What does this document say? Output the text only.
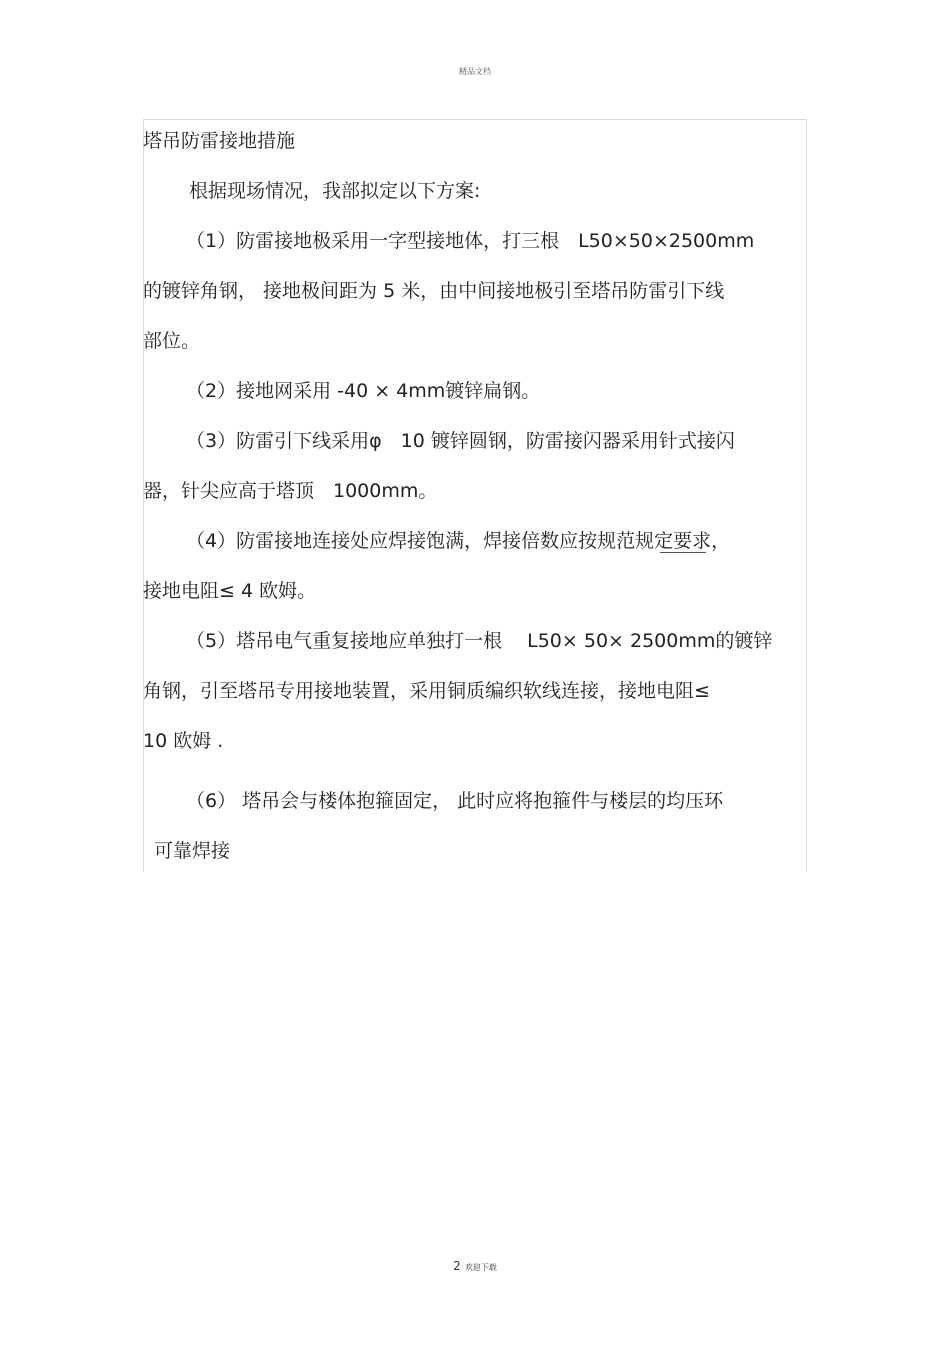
精品文档

塔吊防雷接地措施

根据现场情况，我部拟定以下方案:

（1）防雷接地极采用一字型接地体，打三根　L50×50×2500mm

的镀锌角钢， 接地极间距为 5 米，由中间接地极引至塔吊防雷引下线

部位。

（2）接地网采用 -40 × 4mm镀锌扁钢。

（3）防雷引下线采用φ　10 镀锌圆钢，防雷接闪器采用针式接闪

器，针尖应高于塔顶　1000mm。

（4）防雷接地连接处应焊接饱满，焊接倍数应按规范规定要求，

接地电阻≤ 4 欧姆。

（5）塔吊电气重复接地应单独打一根　 L50× 50× 2500mm的镀锌

角钢，引至塔吊专用接地装置，采用铜质编织软线连接，接地电阻≤

10 欧姆 .

（6） 塔吊会与楼体抱箍固定， 此时应将抱箍件与楼层的均压环

可靠焊接

2 欢迎下载
